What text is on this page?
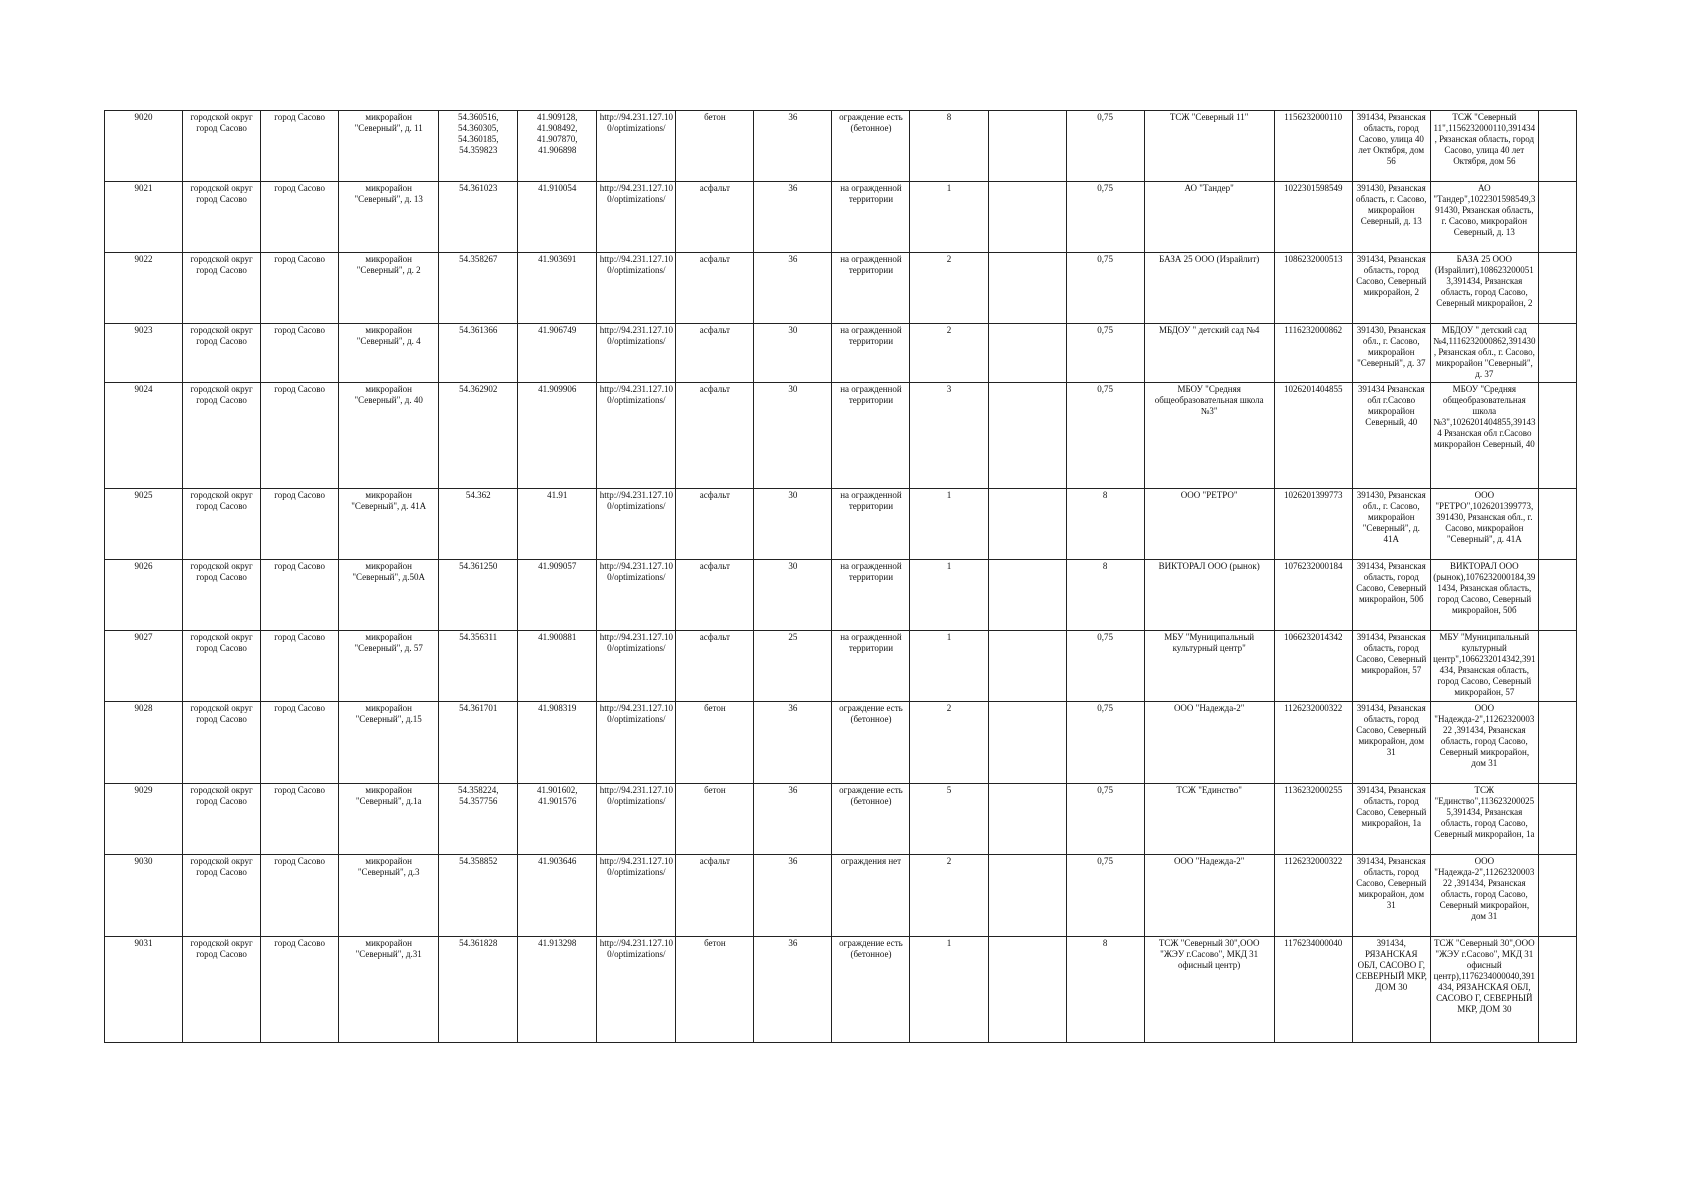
9020	городской округ город Сасово	город Сасово	микрорайон "Северный", д. 11	54.360516, 54.360305, 54.360185, 54.359823	41.909128, 41.908492, 41.907870, 41.906898	http://94.231.127.100/optimizations/	бетон	36	ограждение есть (бетонное)	8		0,75	ТСЖ "Северный 11"	1156232000110	391434, Рязанская область, город Сасово, улица 40 лет Октября, дом 56	ТСЖ "Северный 11",1156232000110,391434, Рязанская область, город Сасово, улица 40 лет Октября, дом 56	
9021	городской округ город Сасово	город Сасово	микрорайон "Северный", д. 13	54.361023	41.910054	http://94.231.127.100/optimizations/	асфальт	36	на огражденной территории	1		0,75	АО "Тандер"	1022301598549	391430, Рязанская область, г. Сасово, микрорайон Северный, д. 13	АО "Тандер",1022301598549,391430, Рязанская область, г. Сасово, микрорайон Северный, д. 13	
9022	городской округ город Сасово	город Сасово	микрорайон "Северный", д. 2	54.358267	41.903691	http://94.231.127.100/optimizations/	асфальт	36	на огражденной территории	2		0,75	БАЗА 25 ООО (Израйлит)	1086232000513	391434, Рязанская область, город Сасово, Северный микрорайон, 2	БАЗА 25 ООО (Израйлит),1086232000513,391434, Рязанская область, город Сасово, Северный микрорайон, 2	
9023	городской округ город Сасово	город Сасово	микрорайон "Северный", д. 4	54.361366	41.906749	http://94.231.127.100/optimizations/	асфальт	30	на огражденной территории	2		0,75	МБДОУ " детский сад №4	1116232000862	391430, Рязанская обл., г. Сасово, микрорайон "Северный", д. 37	МБДОУ " детский сад №4,1116232000862,391430, Рязанская обл., г. Сасово, микрорайон "Северный", д. 37	
9024	городской округ город Сасово	город Сасово	микрорайон "Северный", д. 40	54.362902	41.909906	http://94.231.127.100/optimizations/	асфальт	30	на огражденной территории	3		0,75	МБОУ "Средняя общеобразовательная школа №3"	1026201404855	391434 Рязанская обл г.Сасово микрорайон Северный, 40	МБОУ "Средняя общеобразовательная школа №3",1026201404855,391434 Рязанская обл г.Сасово микрорайон Северный, 40	
9025	городской округ город Сасово	город Сасово	микрорайон "Северный", д. 41А	54.362	41.91	http://94.231.127.100/optimizations/	асфальт	30	на огражденной территории	1		8	ООО "РЕТРО"	1026201399773	391430, Рязанская обл., г. Сасово, микрорайон "Северный", д. 41А	ООО "РЕТРО",1026201399773, 391430, Рязанская обл., г. Сасово, микрорайон "Северный", д. 41А	
9026	городской округ город Сасово	город Сасово	микрорайон "Северный", д.50А	54.361250	41.909057	http://94.231.127.100/optimizations/	асфальт	30	на огражденной территории	1		8	ВИКТОРАЛ ООО (рынок)	1076232000184	391434, Рязанская область, город Сасово, Северный микрорайон, 50б	ВИКТОРАЛ ООО (рынок),1076232000184,391434, Рязанская область, город Сасово, Северный микрорайон, 50б	
9027	городской округ город Сасово	город Сасово	микрорайон "Северный", д. 57	54.356311	41.900881	http://94.231.127.100/optimizations/	асфальт	25	на огражденной территории	1		0,75	МБУ "Муниципальный культурный центр"	1066232014342	391434, Рязанская область, город Сасово, Северный микрорайон, 57	МБУ "Муниципальный культурный центр",1066232014342,391434, Рязанская область, город Сасово, Северный микрорайон, 57	
9028	городской округ город Сасово	город Сасово	микрорайон "Северный", д.15	54.361701	41.908319	http://94.231.127.100/optimizations/	бетон	36	ограждение есть (бетонное)	2		0,75	ООО "Надежда-2"	1126232000322	391434, Рязанская область, город Сасово, Северный микрорайон, дом 31	ООО "Надежда-2",1126232000322 ,391434, Рязанская область, город Сасово, Северный микрорайон, дом 31	
9029	городской округ город Сасово	город Сасово	микрорайон "Северный", д.1а	54.358224, 54.357756	41.901602, 41.901576	http://94.231.127.100/optimizations/	бетон	36	ограждение есть (бетонное)	5		0,75	ТСЖ "Единство"	1136232000255	391434, Рязанская область, город Сасово, Северный микрорайон, 1а	ТСЖ "Единство",1136232000255,391434, Рязанская область, город Сасово, Северный микрорайон, 1а	
9030	городской округ город Сасово	город Сасово	микрорайон "Северный", д.3	54.358852	41.903646	http://94.231.127.100/optimizations/	асфальт	36	ограждения нет	2		0,75	ООО "Надежда-2"	1126232000322	391434, Рязанская область, город Сасово, Северный микрорайон, дом 31	ООО "Надежда-2",1126232000322 ,391434, Рязанская область, город Сасово, Северный микрорайон, дом 31	
9031	городской округ город Сасово	город Сасово	микрорайон "Северный", д.31	54.361828	41.913298	http://94.231.127.100/optimizations/	бетон	36	ограждение есть (бетонное)	1		8	ТСЖ "Северный 30",ООО "ЖЭУ г.Сасово", МКД 31 офисный центр)	1176234000040	391434, РЯЗАНСКАЯ ОБЛ, САСОВО Г, СЕВЕРНЫЙ МКР, ДОМ 30	ТСЖ "Северный 30",ООО "ЖЭУ г.Сасово", МКД 31 офисный центр),1176234000040,391434, РЯЗАНСКАЯ ОБЛ, САСОВО Г, СЕВЕРНЫЙ МКР, ДОМ 30	
